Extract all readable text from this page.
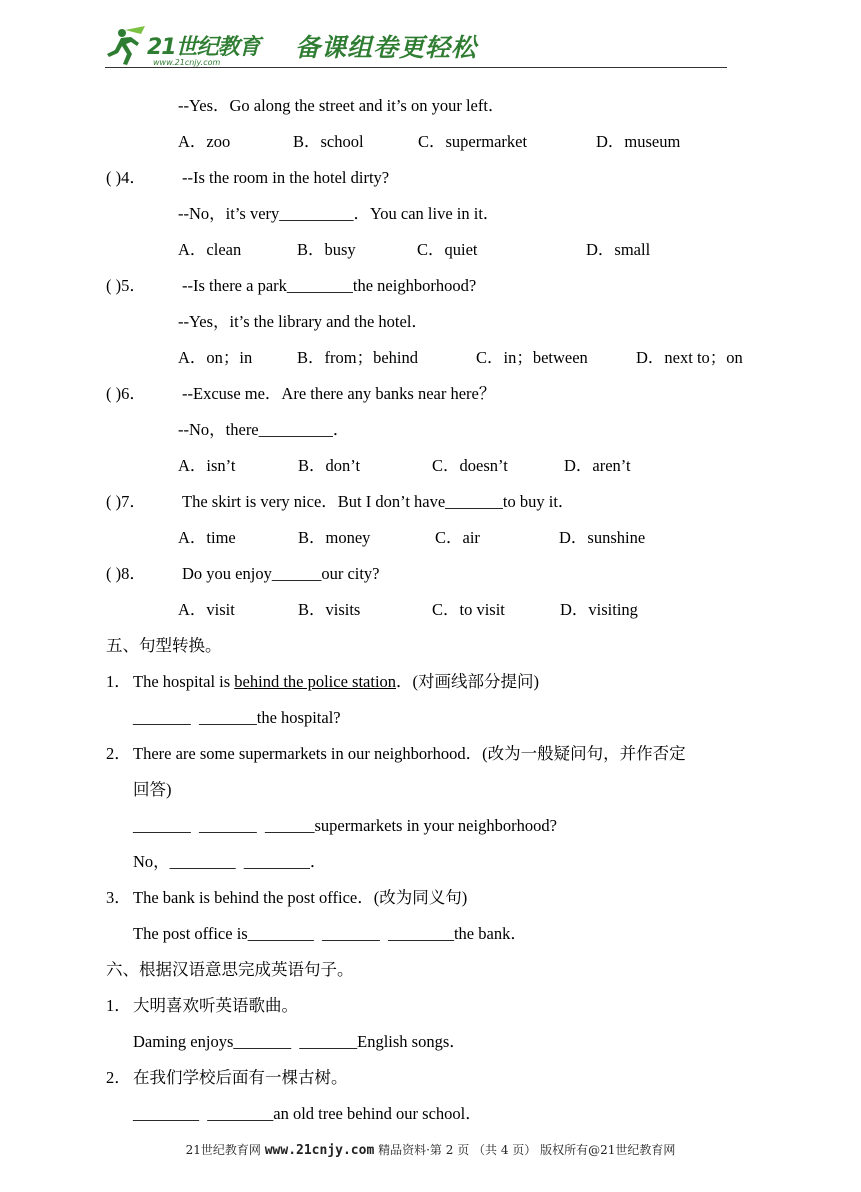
21世纪教育
www.21cnjy.com
备课组卷更轻松
--Yes．Go along the street and it’s on your left．
A．zoo	B．school	C．supermarket	D．museum
( )4． --Is the room in the hotel dirty?
--No，it’s very_________．You can live in it．
A．clean	B．busy	C．quiet	D．small
( )5． --Is there a park________the neighborhood?
--Yes，it’s the library and the hotel．
A．on；in	B．from；behind	C．in；between	D．next to；on
( )6． --Excuse me．Are there any banks near here？
--No，there_________．
A．isn’t	B．don’t	C．doesn’t	D．aren’t
( )7． The skirt is very nice．But I don’t have_______to buy it．
A．time	B．money	C．air	D．sunshine
( )8． Do you enjoy______our city?
A．visit	B．visits	C．to visit	D．visiting
五、句型转换。
1． The hospital is behind the police station．(对画线部分提问)
_______  _______the hospital?
2． There are some supermarkets in our neighborhood．(改为一般疑问句，并作否定
回答)
_______  _______  ______supermarkets in your neighborhood?
No，________  ________．
3． The bank is behind the post office．(改为同义句)
The post office is________  _______  ________the bank．
六、根据汉语意思完成英语句子。
1． 大明喜欢听英语歌曲。
Daming enjoys_______  _______English songs．
2． 在我们学校后面有一棵古树。
________  ________an old tree behind our school．
21世纪教育网 www.21cnjy.com 精品资料·第 2 页 （共 4 页） 版权所有@21世纪教育网
